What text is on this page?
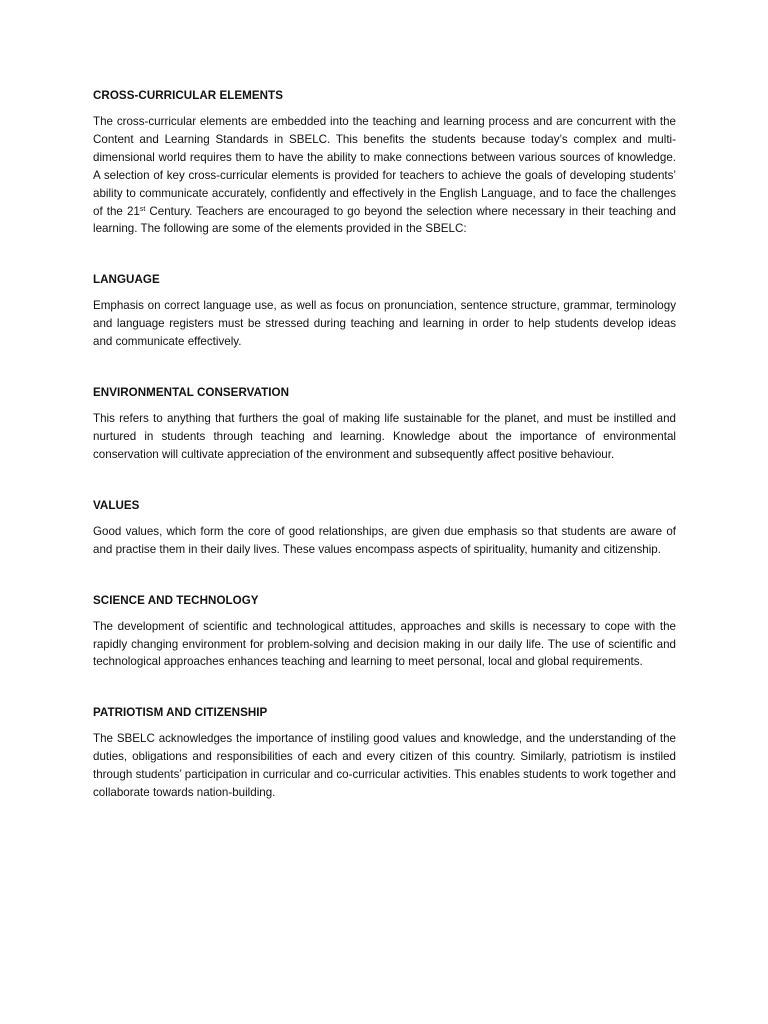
CROSS-CURRICULAR ELEMENTS

The cross-curricular elements are embedded into the teaching and learning process and are concurrent with the Content and Learning Standards in SBELC. This benefits the students because today’s complex and multi-dimensional world requires them to have the ability to make connections between various sources of knowledge. A selection of key cross-curricular elements is provided for teachers to achieve the goals of developing students’ ability to communicate accurately, confidently and effectively in the English Language, and to face the challenges of the 21st Century. Teachers are encouraged to go beyond the selection where necessary in their teaching and learning. The following are some of the elements provided in the SBELC:

LANGUAGE

Emphasis on correct language use, as well as focus on pronunciation, sentence structure, grammar, terminology and language registers must be stressed during teaching and learning in order to help students develop ideas and communicate effectively.

ENVIRONMENTAL CONSERVATION

This refers to anything that furthers the goal of making life sustainable for the planet, and must be instilled and nurtured in students through teaching and learning. Knowledge about the importance of environmental conservation will cultivate appreciation of the environment and subsequently affect positive behaviour.

VALUES

Good values, which form the core of good relationships, are given due emphasis so that students are aware of and practise them in their daily lives. These values encompass aspects of spirituality, humanity and citizenship.

SCIENCE AND TECHNOLOGY

The development of scientific and technological attitudes, approaches and skills is necessary to cope with the rapidly changing environment for problem-solving and decision making in our daily life. The use of scientific and technological approaches enhances teaching and learning to meet personal, local and global requirements.

PATRIOTISM AND CITIZENSHIP

The SBELC acknowledges the importance of instiling good values and knowledge, and the understanding of the duties, obligations and responsibilities of each and every citizen of this country. Similarly, patriotism is instiled through students’ participation in curricular and co-curricular activities. This enables students to work together and collaborate towards nation-building.
